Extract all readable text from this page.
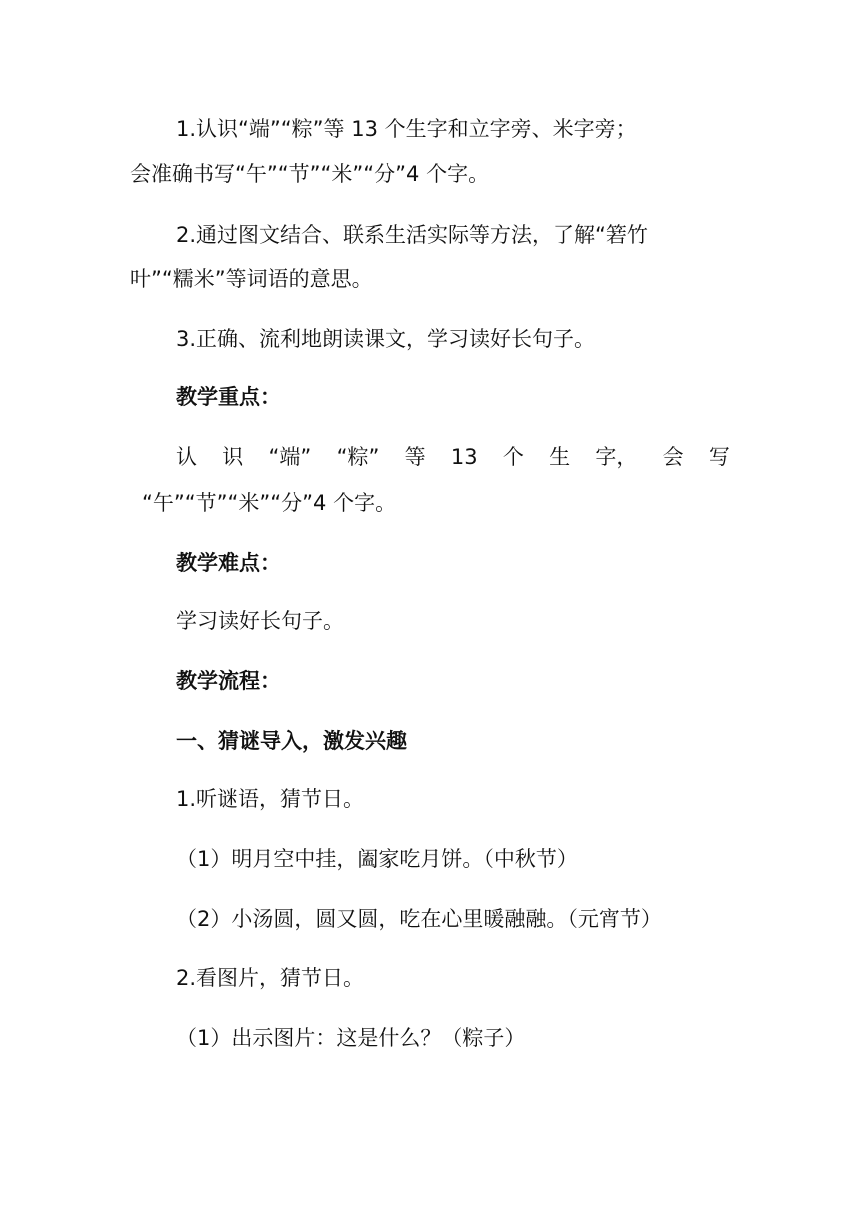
1.认识“端”“粽”等 13 个生字和立字旁、米字旁；

会准确书写“午”“节”“米”“分”4 个字。

2.通过图文结合、联系生活实际等方法，了解“箬竹

叶”“糯米”等词语的意思。

3.正确、流利地朗读课文，学习读好长句子。

教学重点：

认 识 “端” “粽” 等 13 个 生 字， 会 写

“午”“节”“米”“分”4 个字。

教学难点：

学习读好长句子。

教学流程：

一、猜谜导入，激发兴趣

1.听谜语，猜节日。

（1）明月空中挂，阖家吃月饼。（中秋节）

（2）小汤圆，圆又圆，吃在心里暖融融。（元宵节）

2.看图片，猜节日。

（1）出示图片：这是什么？（粽子）
